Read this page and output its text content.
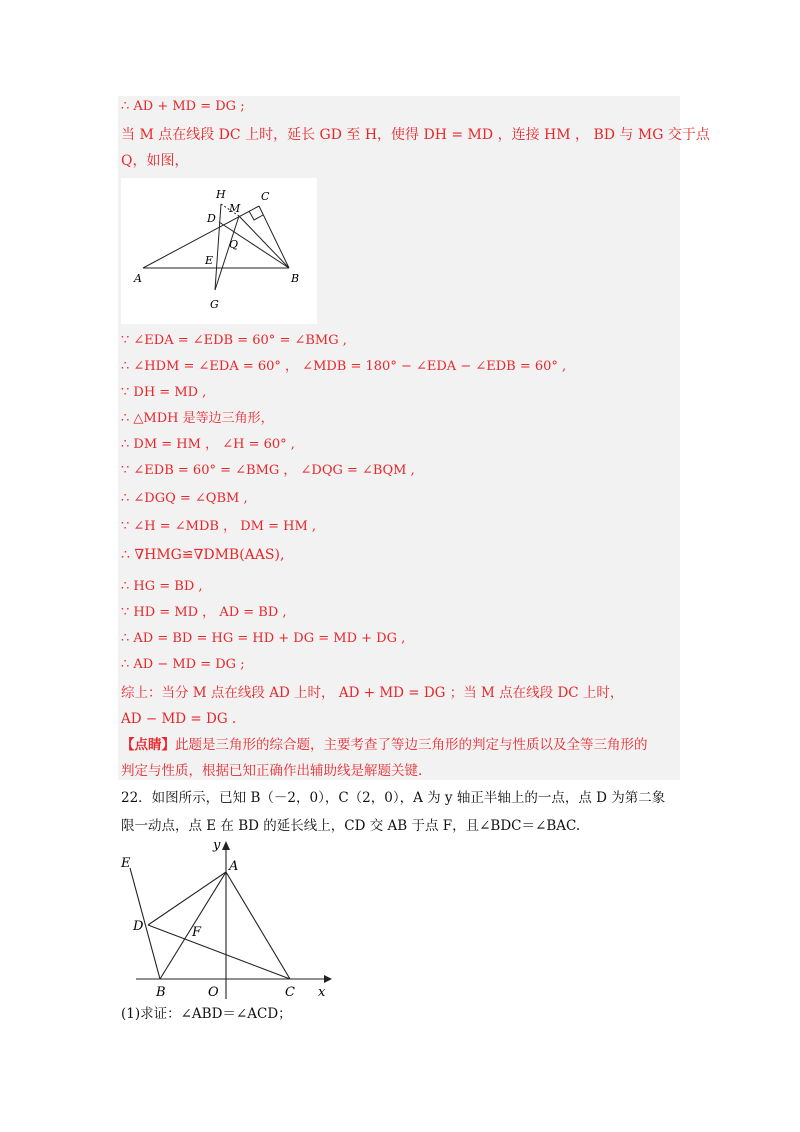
∴ AD + MD = DG ;
当 M 点在线段 DC 上时，延长 GD 至 H，使得 DH = MD ，连接 HM ， BD 与 MG 交于点
Q，如图，
H	C
D
M
Q
E
A	B
G
∵ ∠EDA = ∠EDB = 60° = ∠BMG ,
∴ ∠HDM = ∠EDA = 60° ， ∠MDB = 180° − ∠EDA − ∠EDB = 60° ,
∵ DH = MD ,
∴ △MDH 是等边三角形，
∴ DM = HM ， ∠H = 60° ,
∵ ∠EDB = 60° = ∠BMG ， ∠DQG = ∠BQM ,
∴ ∠DGQ = ∠QBM ,
∵ ∠H = ∠MDB ， DM = HM ,
∴ ∇HMG≌∇DMB(AAS),
∴ HG = BD ,
∵ HD = MD ， AD = BD ,
∴ AD = BD = HG = HD + DG = MD + DG ,
∴ AD − MD = DG ;
综上：当分 M 点在线段 AD 上时， AD + MD = DG ；当 M 点在线段 DC 上时，
AD − MD = DG .
【点睛】此题是三角形的综合题，主要考查了等边三角形的判定与性质以及全等三角形的
判定与性质，根据已知正确作出辅助线是解题关键.
22．如图所示，已知 B（－2，0），C（2，0），A 为 y 轴正半轴上的一点，点 D 为第二象
限一动点，点 E 在 BD 的延长线上，CD 交 AB 于点 F，且∠BDC＝∠BAC.
y
A
E
D	F
B	O	C x
(1)求证：∠ABD＝∠ACD；
